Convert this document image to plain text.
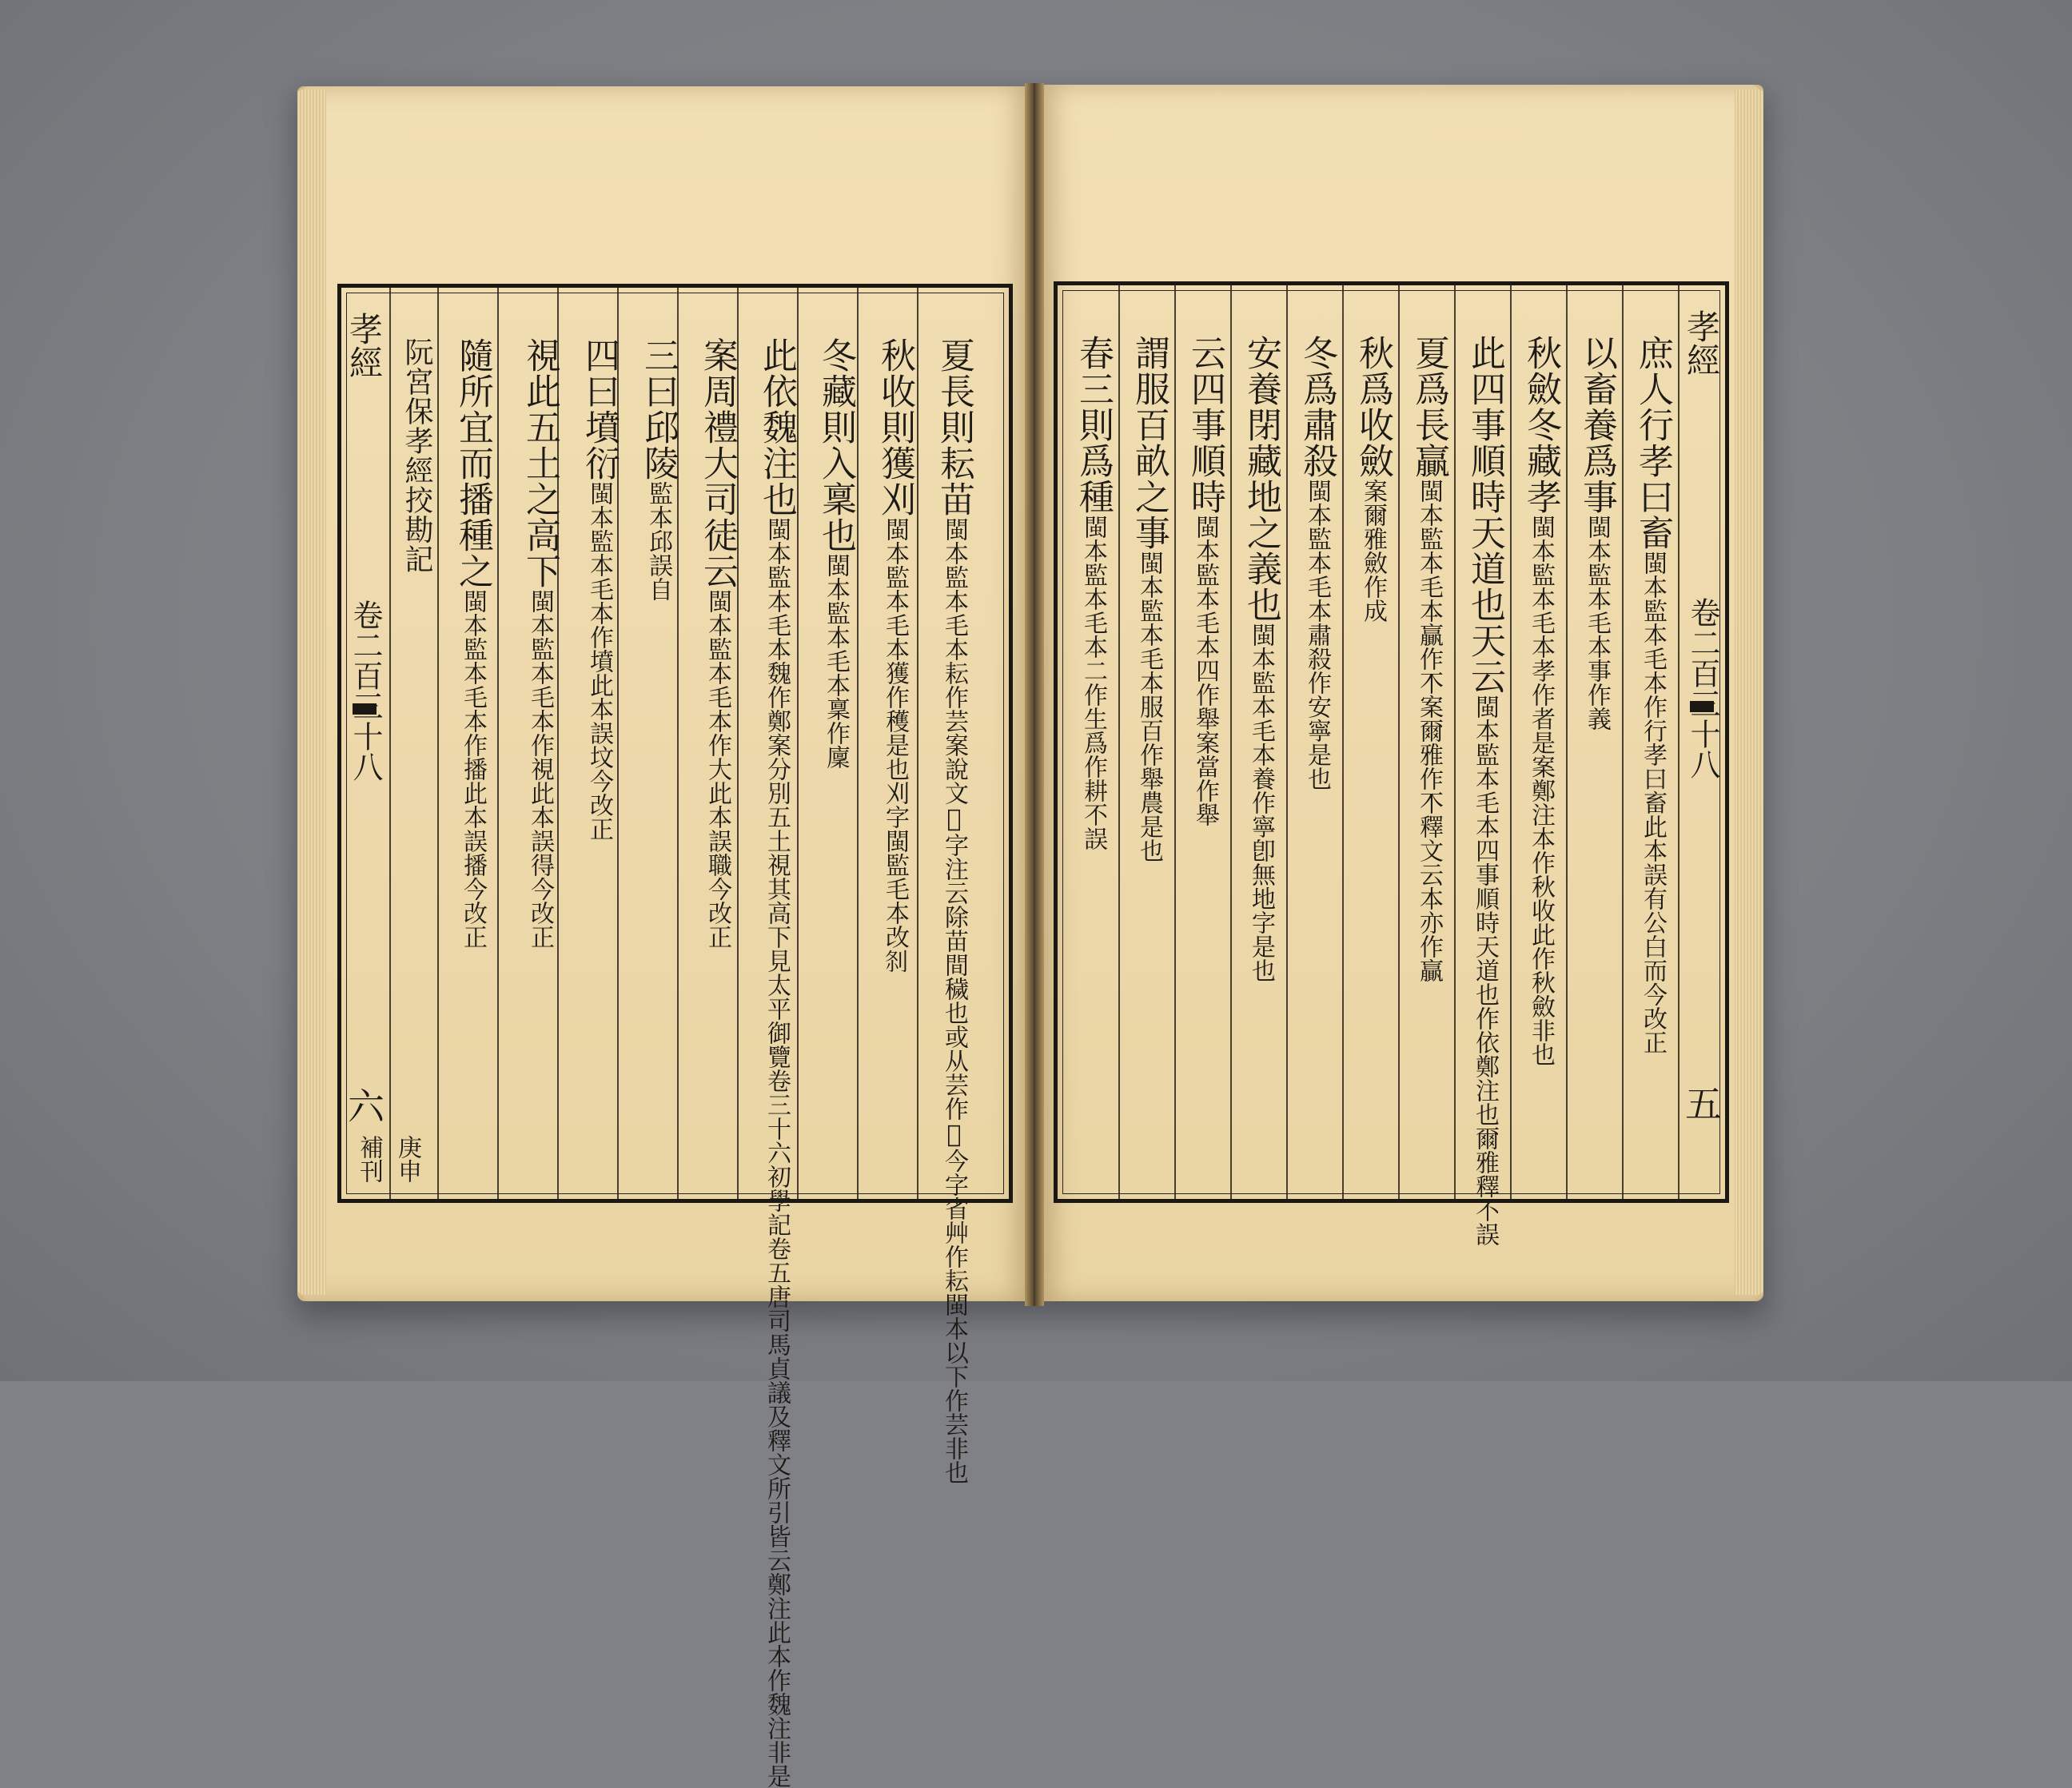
孝經
卷二百三十八
六
庚申補刊
阮宮保孝經挍勘記	夏長則耘苗閩本監本毛本耘作芸案說文𦔳字注云除苗間穢也或从芸作𦔳今字省艸作耘閩本以下作芸非也
秋收則獲刈閩本監本毛本獲作穫是也刈字閩監毛本改𠛴
冬藏則入稟也閩本監本毛本稟作廩
此依魏注也閩本監本毛本魏作鄭案分別五土視其高下見太平御覽卷三十六初學記卷五唐司馬貞議及釋文所引皆云鄭注此本作魏注非是
案周禮大司徒云閩本監本毛本作大此本誤職今改正
三曰邱陵監本邱誤自
四曰墳衍閩本監本毛本作墳此本誤坟今改正
視此五土之高下閩本監本毛本作視此本誤得今改正
隨所宜而播種之閩本監本毛本作播此本誤播今改正
孝經
卷二百三十八
五
庶人行孝曰畜閩本監本毛本作行孝曰畜此本誤有公白而今改正
以畜養爲事閩本監本毛本事作義
秋斂冬藏孝閩本監本毛本孝作者是案鄭注本作秋收此作秋斂非也
此四事順時天道也天云閩本監本毛本四事順時天道也作依鄭注也爾雅釋不誤
夏爲長贏閩本監本毛本贏作𣎴案爾雅作𣎴釋文云本亦作贏
秋爲收斂案爾雅斂作成
冬爲肅殺閩本監本毛本肅殺作安寧是也
安養閉藏地之義也閩本監本毛本養作寧卽無地字是也
云四事順時閩本監本毛本四作舉案當作舉
謂服百畝之事閩本監本毛本服百作舉農是也
春三則爲種閩本監本毛本二作生爲作耕不誤
